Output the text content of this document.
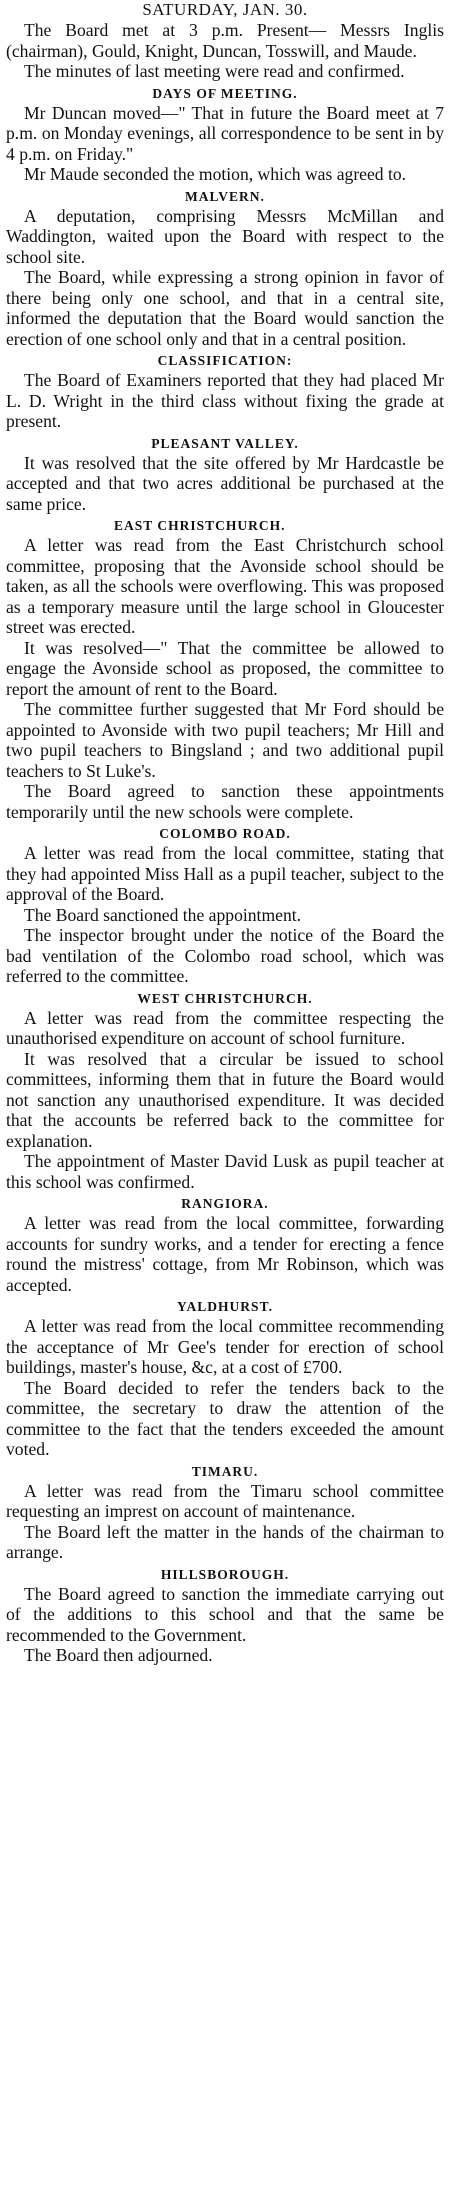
SATURDAY, JAN. 30.

The Board met at 3 p.m. Present— Messrs Inglis (chairman), Gould, Knight, Duncan, Tosswill, and Maude.

The minutes of last meeting were read and confirmed.

DAYS OF MEETING.

Mr Duncan moved—" That in future the Board meet at 7 p.m. on Monday evenings, all correspondence to be sent in by 4 p.m. on Friday."

Mr Maude seconded the motion, which was agreed to.

MALVERN.

A deputation, comprising Messrs McMillan and Waddington, waited upon the Board with respect to the school site.

The Board, while expressing a strong opinion in favor of there being only one school, and that in a central site, informed the deputation that the Board would sanction the erection of one school only and that in a central position.

CLASSIFICATION:

The Board of Examiners reported that they had placed Mr L. D. Wright in the third class without fixing the grade at present.

PLEASANT VALLEY.

It was resolved that the site offered by Mr Hardcastle be accepted and that two acres additional be purchased at the same price.

EAST CHRISTCHURCH.

A letter was read from the East Christchurch school committee, proposing that the Avonside school should be taken, as all the schools were overflowing. This was proposed as a temporary measure until the large school in Gloucester street was erected.

It was resolved—" That the committee be allowed to engage the Avonside school as proposed, the committee to report the amount of rent to the Board.

The committee further suggested that Mr Ford should be appointed to Avonside with two pupil teachers; Mr Hill and two pupil teachers to Bingsland ; and two additional pupil teachers to St Luke's.

The Board agreed to sanction these appointments temporarily until the new schools were complete.

COLOMBO ROAD.

A letter was read from the local committee, stating that they had appointed Miss Hall as a pupil teacher, subject to the approval of the Board.

The Board sanctioned the appointment.

The inspector brought under the notice of the Board the bad ventilation of the Colombo road school, which was referred to the committee.

WEST CHRISTCHURCH.

A letter was read from the committee respecting the unauthorised expenditure on account of school furniture.

It was resolved that a circular be issued to school committees, informing them that in future the Board would not sanction any unauthorised expenditure. It was decided that the accounts be referred back to the committee for explanation.

The appointment of Master David Lusk as pupil teacher at this school was confirmed.

RANGIORA.

A letter was read from the local committee, forwarding accounts for sundry works, and a tender for erecting a fence round the mistress' cottage, from Mr Robinson, which was accepted.

YALDHURST.

A letter was read from the local committee recommending the acceptance of Mr Gee's tender for erection of school buildings, master's house, &c, at a cost of £700.

The Board decided to refer the tenders back to the committee, the secretary to draw the attention of the committee to the fact that the tenders exceeded the amount voted.

TIMARU.

A letter was read from the Timaru school committee requesting an imprest on account of maintenance.

The Board left the matter in the hands of the chairman to arrange.

HILLSBOROUGH.

The Board agreed to sanction the immediate carrying out of the additions to this school and that the same be recommended to the Government.

The Board then adjourned.
